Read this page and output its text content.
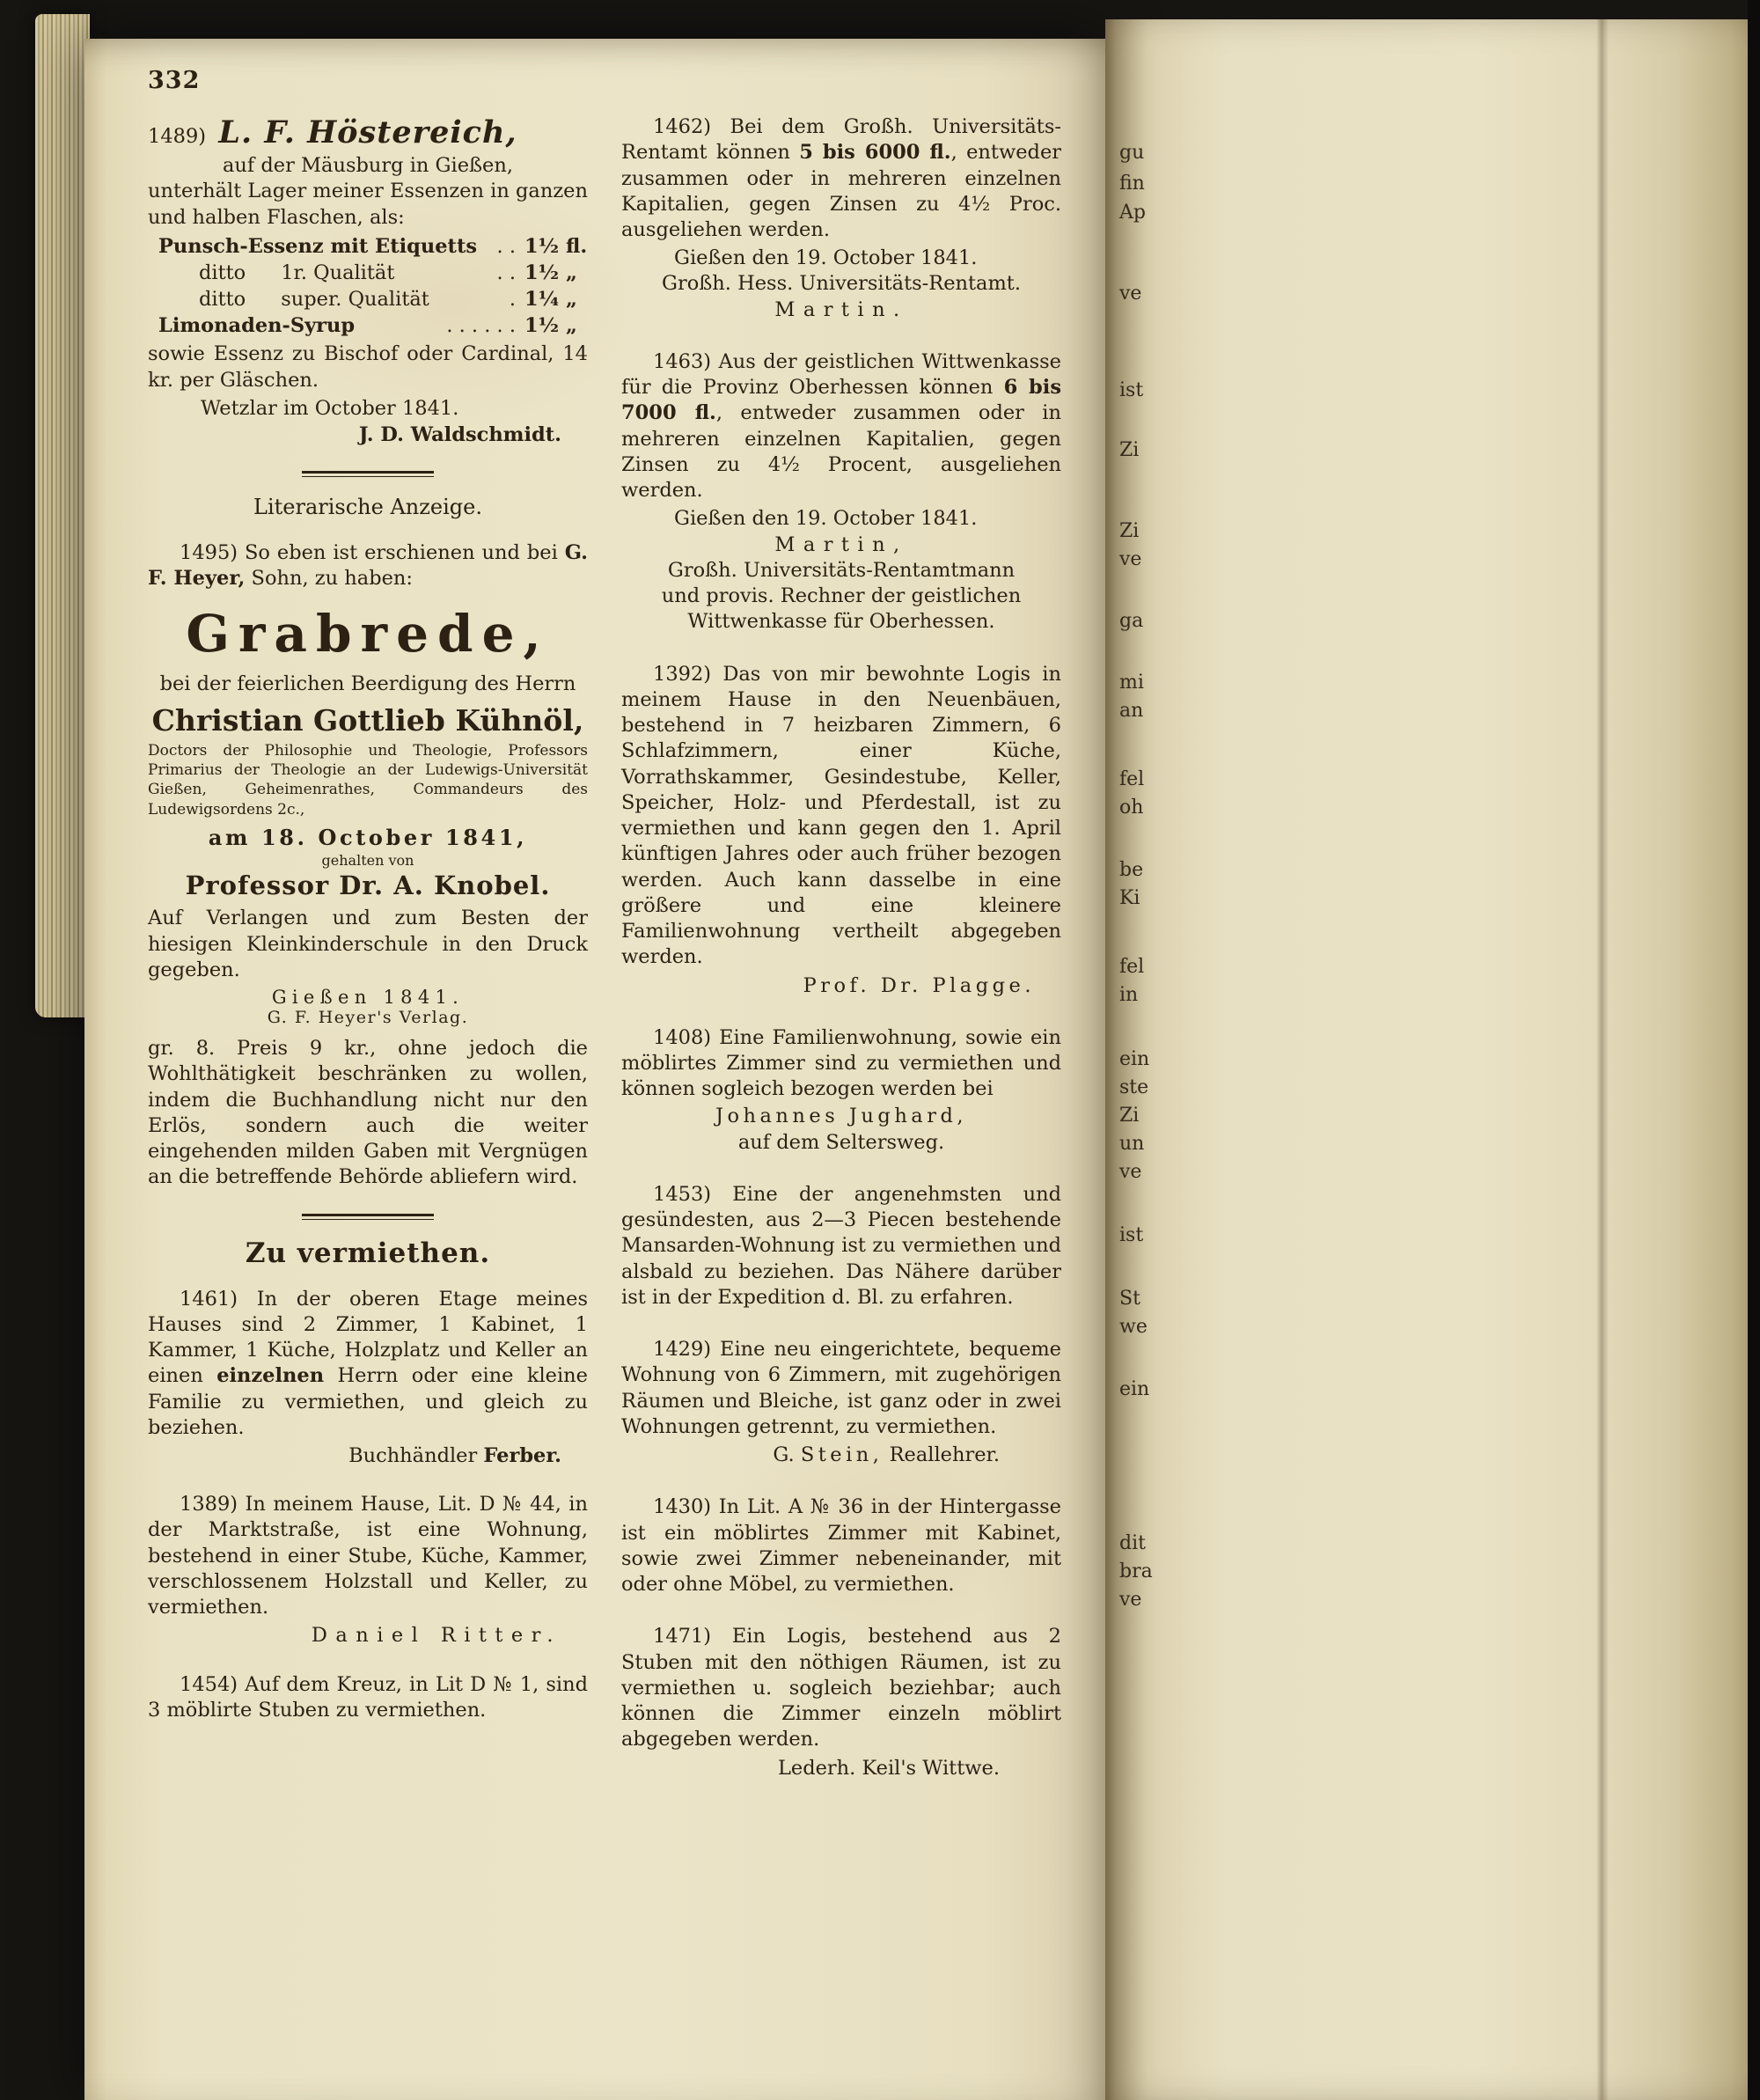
332
1489) L. F. Höstereich,
auf der Mäusburg in Gießen,

unterhält Lager meiner Essenzen in ganzen und halben Flaschen, als:

Punsch-Essenz mit Etiquetts	. . 1½ fl.
ditto 1r. Qualität	. . 1½ „
ditto super. Qualität	. 1¼ „
Limonaden-Syrup	. . . . . . 1½ „

sowie Essenz zu Bischof oder Cardinal, 14 kr. per Gläschen.

Wetzlar im October 1841.
J. D. Waldschmidt.
Literarische Anzeige.

1495) So eben ist erschienen und bei G. F. Heyer, Sohn, zu haben:

Grabrede,
bei der feierlichen Beerdigung des Herrn
Christian Gottlieb Kühnöl,

Doctors der Philosophie und Theologie, Professors Primarius der Theologie an der Ludewigs-Universität Gießen, Geheimenrathes, Commandeurs des Ludewigsordens 2c.,

am 18. October 1841,
gehalten von
Professor Dr. A. Knobel.

Auf Verlangen und zum Besten der hiesigen Kleinkinderschule in den Druck gegeben.

Gießen 1841.
G. F. Heyer's Verlag.

gr. 8. Preis 9 kr., ohne jedoch die Wohlthätigkeit beschränken zu wollen, indem die Buchhandlung nicht nur den Erlös, sondern auch die weiter eingehenden milden Gaben mit Vergnügen an die betreffende Behörde abliefern wird.

Zu vermiethen.

1461) In der oberen Etage meines Hauses sind 2 Zimmer, 1 Kabinet, 1 Kammer, 1 Küche, Holzplatz und Keller an einen einzelnen Herrn oder eine kleine Familie zu vermiethen, und gleich zu beziehen.

Buchhändler Ferber.

1389) In meinem Hause, Lit. D № 44, in der Marktstraße, ist eine Wohnung, bestehend in einer Stube, Küche, Kammer, verschlossenem Holzstall und Keller, zu vermiethen.

Daniel Ritter.

1454) Auf dem Kreuz, in Lit D № 1, sind 3 möblirte Stuben zu vermiethen.

1462) Bei dem Großh. Universitäts-Rentamt können 5 bis 6000 fl., entweder zusammen oder in mehreren einzelnen Kapitalien, gegen Zinsen zu 4½ Proc. ausgeliehen werden.

Gießen den 19. October 1841.
Großh. Hess. Universitäts-Rentamt.
Martin.

1463) Aus der geistlichen Wittwenkasse für die Provinz Oberhessen können 6 bis 7000 fl., entweder zusammen oder in mehreren einzelnen Kapitalien, gegen Zinsen zu 4½ Procent, ausgeliehen werden.

Gießen den 19. October 1841.
Martin,
Großh. Universitäts-Rentamtmann
und provis. Rechner der geistlichen
Wittwenkasse für Oberhessen.

1392) Das von mir bewohnte Logis in meinem Hause in den Neuenbäuen, bestehend in 7 heizbaren Zimmern, 6 Schlafzimmern, einer Küche, Vorrathskammer, Gesindestube, Keller, Speicher, Holz- und Pferdestall, ist zu vermiethen und kann gegen den 1. April künftigen Jahres oder auch früher bezogen werden. Auch kann dasselbe in eine größere und eine kleinere Familienwohnung vertheilt abgegeben werden.

Prof. Dr. Plagge.

1408) Eine Familienwohnung, sowie ein möblirtes Zimmer sind zu vermiethen und können sogleich bezogen werden bei

Johannes Jughard,
auf dem Seltersweg.

1453) Eine der angenehmsten und gesündesten, aus 2—3 Piecen bestehende Mansarden-Wohnung ist zu vermiethen und alsbald zu beziehen. Das Nähere darüber ist in der Expedition d. Bl. zu erfahren.

1429) Eine neu eingerichtete, bequeme Wohnung von 6 Zimmern, mit zugehörigen Räumen und Bleiche, ist ganz oder in zwei Wohnungen getrennt, zu vermiethen.

G. Stein, Reallehrer.

1430) In Lit. A № 36 in der Hintergasse ist ein möblirtes Zimmer mit Kabinet, sowie zwei Zimmer nebeneinander, mit oder ohne Möbel, zu vermiethen.

1471) Ein Logis, bestehend aus 2 Stuben mit den nöthigen Räumen, ist zu vermiethen u. sogleich beziehbar; auch können die Zimmer einzeln möblirt abgegeben werden.

Lederh. Keil's Wittwe.
gu
fin
Ap
ve
ist
Zi
Zi
ve
ga
mi
an
fel
oh
be
Ki
fel
in
ein
ste
Zi
un
ve
ist
St
we
ein
dit
bra
ve
